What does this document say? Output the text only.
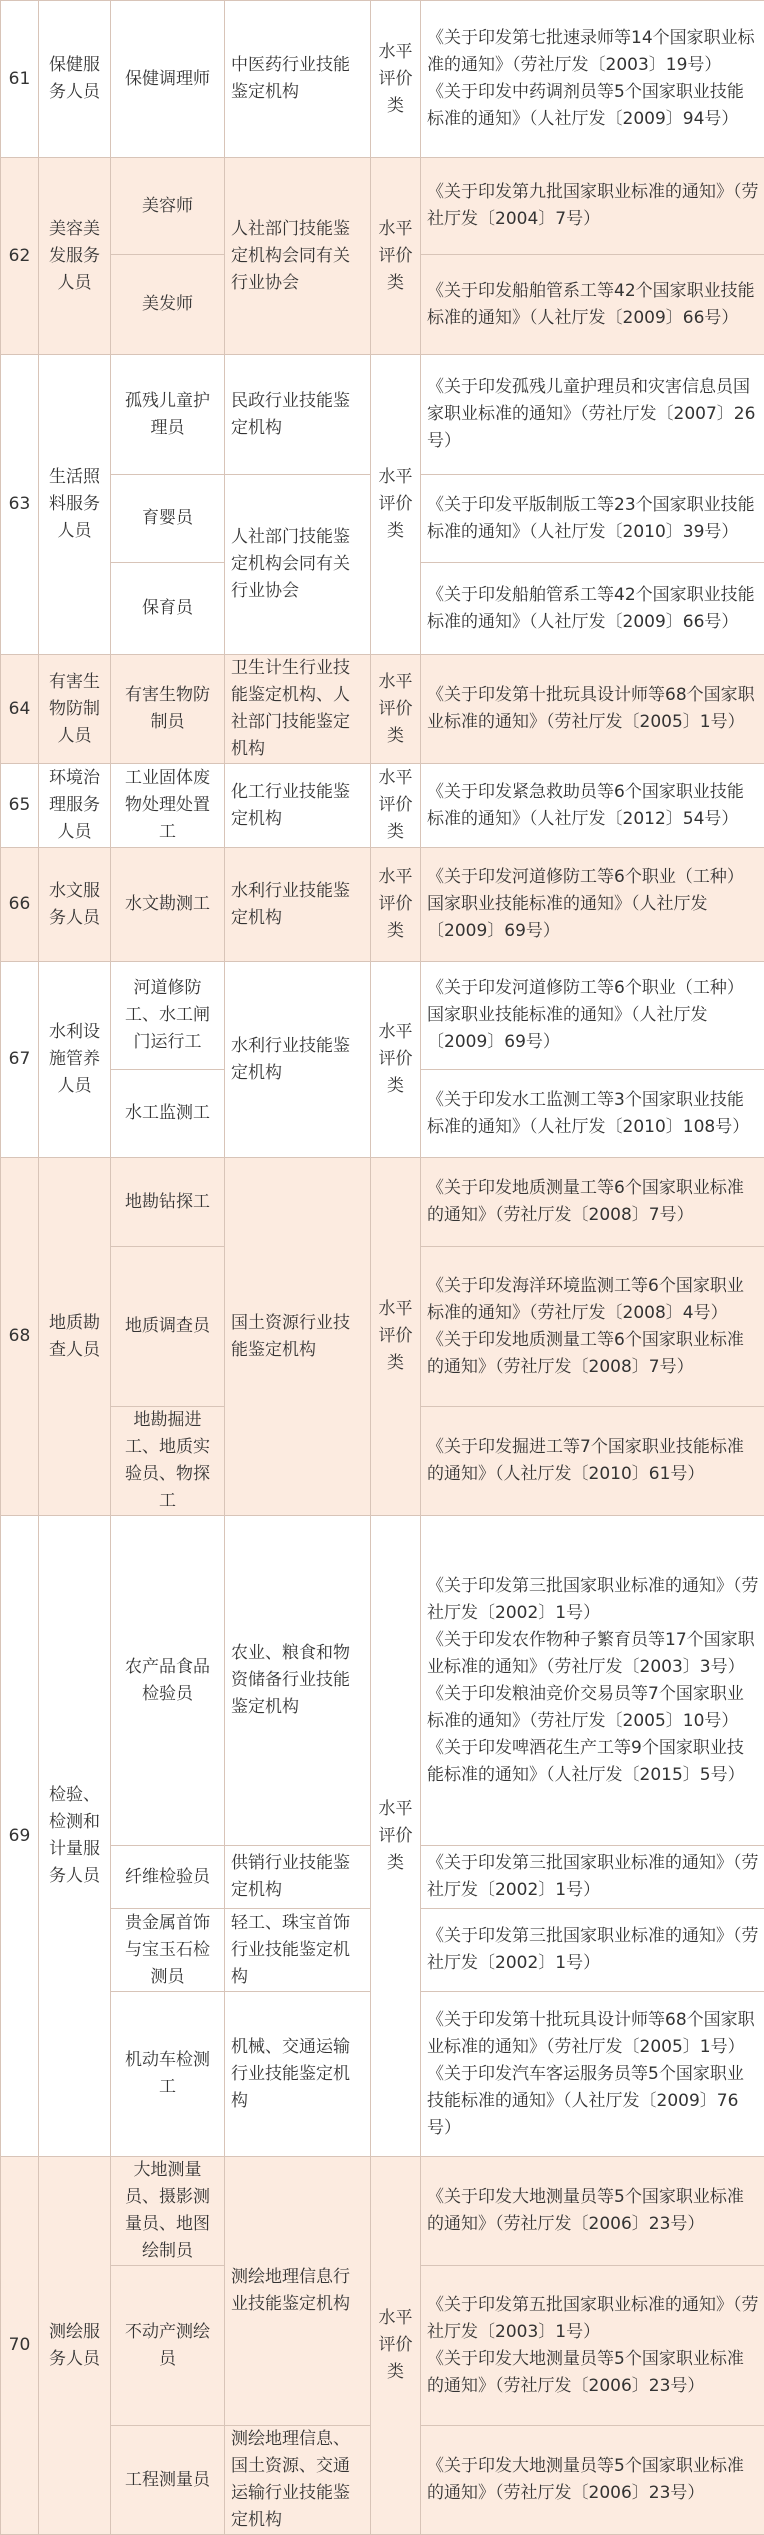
61	保健服务人员	保健调理师	中医药行业技能鉴定机构	水平评价类	《关于印发第七批速录师等14个国家职业标准的通知》（劳社厅发〔2003〕19号）
《关于印发中药调剂员等5个国家职业技能标准的通知》（人社厅发〔2009〕94号）

62	美容美发服务人员	美容师	人社部门技能鉴定机构会同有关行业协会	水平评价类	《关于印发第九批国家职业标准的通知》（劳社厅发〔2004〕7号）

		美发师			《关于印发船舶管系工等42个国家职业技能标准的通知》（人社厅发〔2009〕66号）

63	生活照料服务人员	孤残儿童护理员	民政行业技能鉴定机构	水平评价类	《关于印发孤残儿童护理员和灾害信息员国家职业标准的通知》（劳社厅发〔2007〕26号）

		育婴员	人社部门技能鉴定机构会同有关行业协会		《关于印发平版制版工等23个国家职业技能标准的通知》（人社厅发〔2010〕39号）

		保育员			《关于印发船舶管系工等42个国家职业技能标准的通知》（人社厅发〔2009〕66号）

64	有害生物防制人员	有害生物防制员	卫生计生行业技能鉴定机构、人社部门技能鉴定机构	水平评价类	《关于印发第十批玩具设计师等68个国家职业标准的通知》（劳社厅发〔2005〕1号）

65	环境治理服务人员	工业固体废物处理处置工	化工行业技能鉴定机构	水平评价类	《关于印发紧急救助员等6个国家职业技能标准的通知》（人社厅发〔2012〕54号）

66	水文服务人员	水文勘测工	水利行业技能鉴定机构	水平评价类	《关于印发河道修防工等6个职业（工种）国家职业技能标准的通知》（人社厅发〔2009〕69号）

67	水利设施管养人员	河道修防工、水工闸门运行工	水利行业技能鉴定机构	水平评价类	《关于印发河道修防工等6个职业（工种）国家职业技能标准的通知》（人社厅发〔2009〕69号）

		水工监测工			《关于印发水工监测工等3个国家职业技能标准的通知》（人社厅发〔2010〕108号）

68	地质勘查人员	地勘钻探工	国土资源行业技能鉴定机构	水平评价类	《关于印发地质测量工等6个国家职业标准的通知》（劳社厅发〔2008〕7号）

		地质调查员			《关于印发海洋环境监测工等6个国家职业标准的通知》（劳社厅发〔2008〕4号）
《关于印发地质测量工等6个国家职业标准的通知》（劳社厅发〔2008〕7号）

		地勘掘进工、地质实验员、物探工			《关于印发掘进工等7个国家职业技能标准的通知》（人社厅发〔2010〕61号）

69	检验、检测和计量服务人员	农产品食品检验员	农业、粮食和物资储备行业技能鉴定机构	水平评价类	《关于印发第三批国家职业标准的通知》（劳社厅发〔2002〕1号）
《关于印发农作物种子繁育员等17个国家职业标准的通知》（劳社厅发〔2003〕3号）
《关于印发粮油竞价交易员等7个国家职业标准的通知》（劳社厅发〔2005〕10号）
《关于印发啤酒花生产工等9个国家职业技能标准的通知》（人社厅发〔2015〕5号）

		纤维检验员	供销行业技能鉴定机构		《关于印发第三批国家职业标准的通知》（劳社厅发〔2002〕1号）

		贵金属首饰与宝玉石检测员	轻工、珠宝首饰行业技能鉴定机构		《关于印发第三批国家职业标准的通知》（劳社厅发〔2002〕1号）

		机动车检测工	机械、交通运输行业技能鉴定机构		《关于印发第十批玩具设计师等68个国家职业标准的通知》（劳社厅发〔2005〕1号）
《关于印发汽车客运服务员等5个国家职业技能标准的通知》（人社厅发〔2009〕76号）

70	测绘服务人员	大地测量员、摄影测量员、地图绘制员	测绘地理信息行业技能鉴定机构	水平评价类	《关于印发大地测量员等5个国家职业标准的通知》（劳社厅发〔2006〕23号）

		不动产测绘员			《关于印发第五批国家职业标准的通知》（劳社厅发〔2003〕1号）
《关于印发大地测量员等5个国家职业标准的通知》（劳社厅发〔2006〕23号）

		工程测量员	测绘地理信息、国土资源、交通运输行业技能鉴定机构		《关于印发大地测量员等5个国家职业标准的通知》（劳社厅发〔2006〕23号）
